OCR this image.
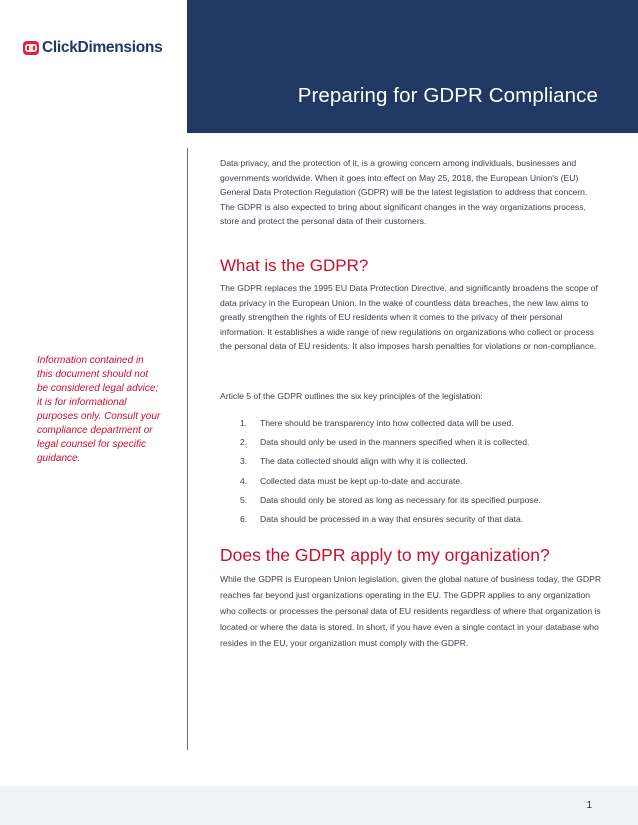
ClickDimensions
Preparing for GDPR Compliance
Information contained in this document should not be considered legal advice; it is for informational purposes only. Consult your compliance department or legal counsel for specific guidance.

Data privacy, and the protection of it, is a growing concern among individuals, businesses and governments worldwide. When it goes into effect on May 25, 2018, the European Union's (EU) General Data Protection Regulation (GDPR) will be the latest legislation to address that concern. The GDPR is also expected to bring about significant changes in the way organizations process, store and protect the personal data of their customers.

What is the GDPR?

The GDPR replaces the 1995 EU Data Protection Directive, and significantly broadens the scope of data privacy in the European Union. In the wake of countless data breaches, the new law aims to greatly strengthen the rights of EU residents when it comes to the privacy of their personal information. It establishes a wide range of new regulations on organizations who collect or process the personal data of EU residents. It also imposes harsh penalties for violations or non-compliance.

Article 5 of the GDPR outlines the six key principles of the legislation:

1.	There should be transparency into how collected data will be used.
2.	Data should only be used in the manners specified when it is collected.
3.	The data collected should align with why it is collected.
4.	Collected data must be kept up-to-date and accurate.
5.	Data should only be stored as long as necessary for its specified purpose.
6.	Data should be processed in a way that ensures security of that data.
Does the GDPR apply to my organization?

While the GDPR is European Union legislation, given the global nature of business today, the GDPR reaches far beyond just organizations operating in the EU. The GDPR applies to any organization who collects or processes the personal data of EU residents regardless of where that organization is located or where the data is stored. In short, if you have even a single contact in your database who resides in the EU, your organization must comply with the GDPR.

1
